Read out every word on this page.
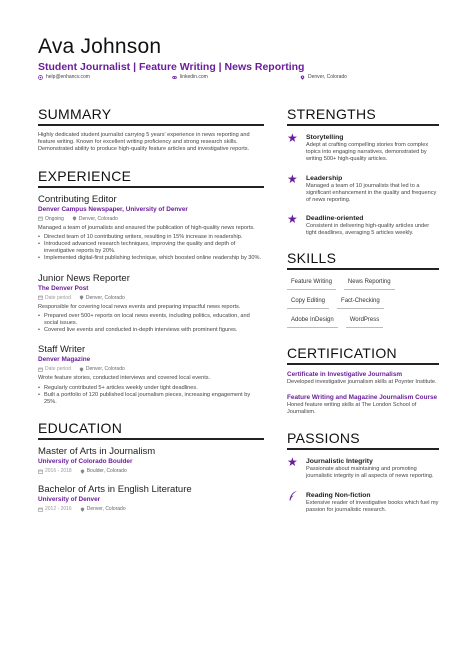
Ava Johnson
Student Journalist | Feature Writing | News Reporting
help@enhancv.com	linkedin.com	Denver, Colorado
SUMMARY
Highly dedicated student journalist carrying 5 years' experience in news reporting and feature writing. Known for excellent writing proficiency and strong research skills. Demonstrated ability to produce high-quality feature articles and investigative reports.
EXPERIENCE
Contributing Editor
Denver Campus Newspaper, University of Denver
Ongoing	Denver, Colorado
Managed a team of journalists and ensured the publication of high-quality news reports.
• Directed team of 10 contributing writers, resulting in 15% increase in readership.
• Introduced advanced research techniques, improving the quality and depth of investigative reports by 20%.
• Implemented digital-first publishing technique, which boosted online readership by 30%.
Junior News Reporter
The Denver Post
Date period	Denver, Colorado
Responsible for covering local news events and preparing impactful news reports.
• Prepared over 500+ reports on local news events, including politics, education, and social issues.
• Covered live events and conducted in-depth interviews with prominent figures.
Staff Writer
Denver Magazine
Date period	Denver, Colorado
Wrote feature stories, conducted interviews and covered local events.
• Regularly contributed 5+ articles weekly under tight deadlines.
• Built a portfolio of 120 published local journalism pieces, increasing engagement by 25%.
EDUCATION
Master of Arts in Journalism
University of Colorado Boulder
2016 - 2018	Boulder, Colorado
Bachelor of Arts in English Literature
University of Denver
2012 - 2016	Denver, Colorado
STRENGTHS
★ Storytelling
Adept at crafting compelling stories from complex topics into engaging narratives, demonstrated by writing 500+ high-quality articles.
★ Leadership
Managed a team of 10 journalists that led to a significant enhancement in the quality and frequency of news reporting.
★ Deadline-oriented
Consistent in delivering high-quality articles under tight deadlines, averaging 5 articles weekly.
SKILLS
Feature Writing	News Reporting
Copy Editing	Fact-Checking
Adobe InDesign	WordPress
CERTIFICATION
Certificate in Investigative Journalism
Developed investigative journalism skills at Poynter Institute.
Feature Writing and Magazine Journalism Course
Honed feature writing skills at The London School of Journalism.
PASSIONS
★ Journalistic Integrity
Passionate about maintaining and promoting journalistic integrity in all aspects of news reporting.
Reading Non-fiction
Extensive reader of investigative books which fuel my passion for journalistic research.
